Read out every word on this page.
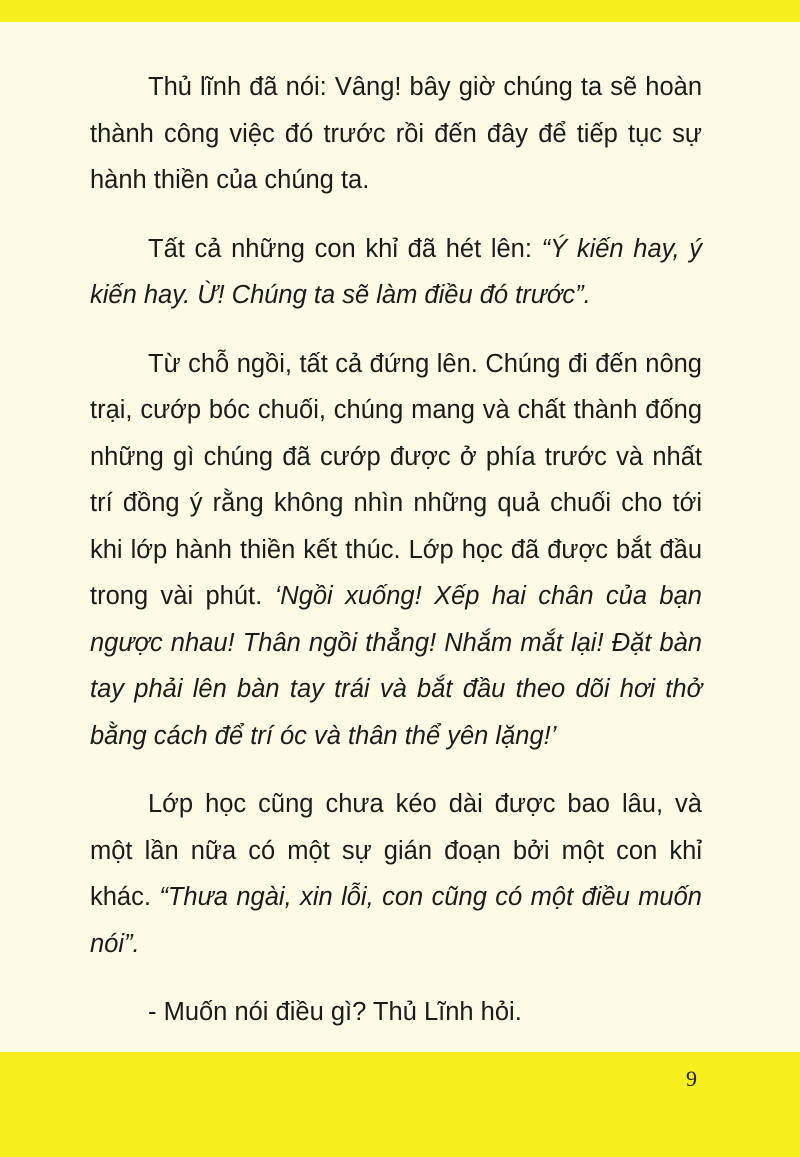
Thủ lĩnh đã nói: Vâng! bây giờ chúng ta sẽ hoàn thành công việc đó trước rồi đến đây để tiếp tục sự hành thiền của chúng ta.

Tất cả những con khỉ đã hét lên: “Ý kiến hay, ý kiến hay. Ừ! Chúng ta sẽ làm điều đó trước”.

Từ chỗ ngồi, tất cả đứng lên. Chúng đi đến nông trại, cướp bóc chuối, chúng mang và chất thành đống những gì chúng đã cướp được ở phía trước và nhất trí đồng ý rằng không nhìn những quả chuối cho tới khi lớp hành thiền kết thúc. Lớp học đã được bắt đầu trong vài phút. ‘Ngồi xuống! Xếp hai chân của bạn ngược nhau! Thân ngồi thẳng! Nhắm mắt lại! Đặt bàn tay phải lên bàn tay trái và bắt đầu theo dõi hơi thở bằng cách để trí óc và thân thể yên lặng!’

Lớp học cũng chưa kéo dài được bao lâu, và một lần nữa có một sự gián đoạn bởi một con khỉ khác. “Thưa ngài, xin lỗi, con cũng có một điều muốn nói”.

- Muốn nói điều gì? Thủ Lĩnh hỏi.

9
